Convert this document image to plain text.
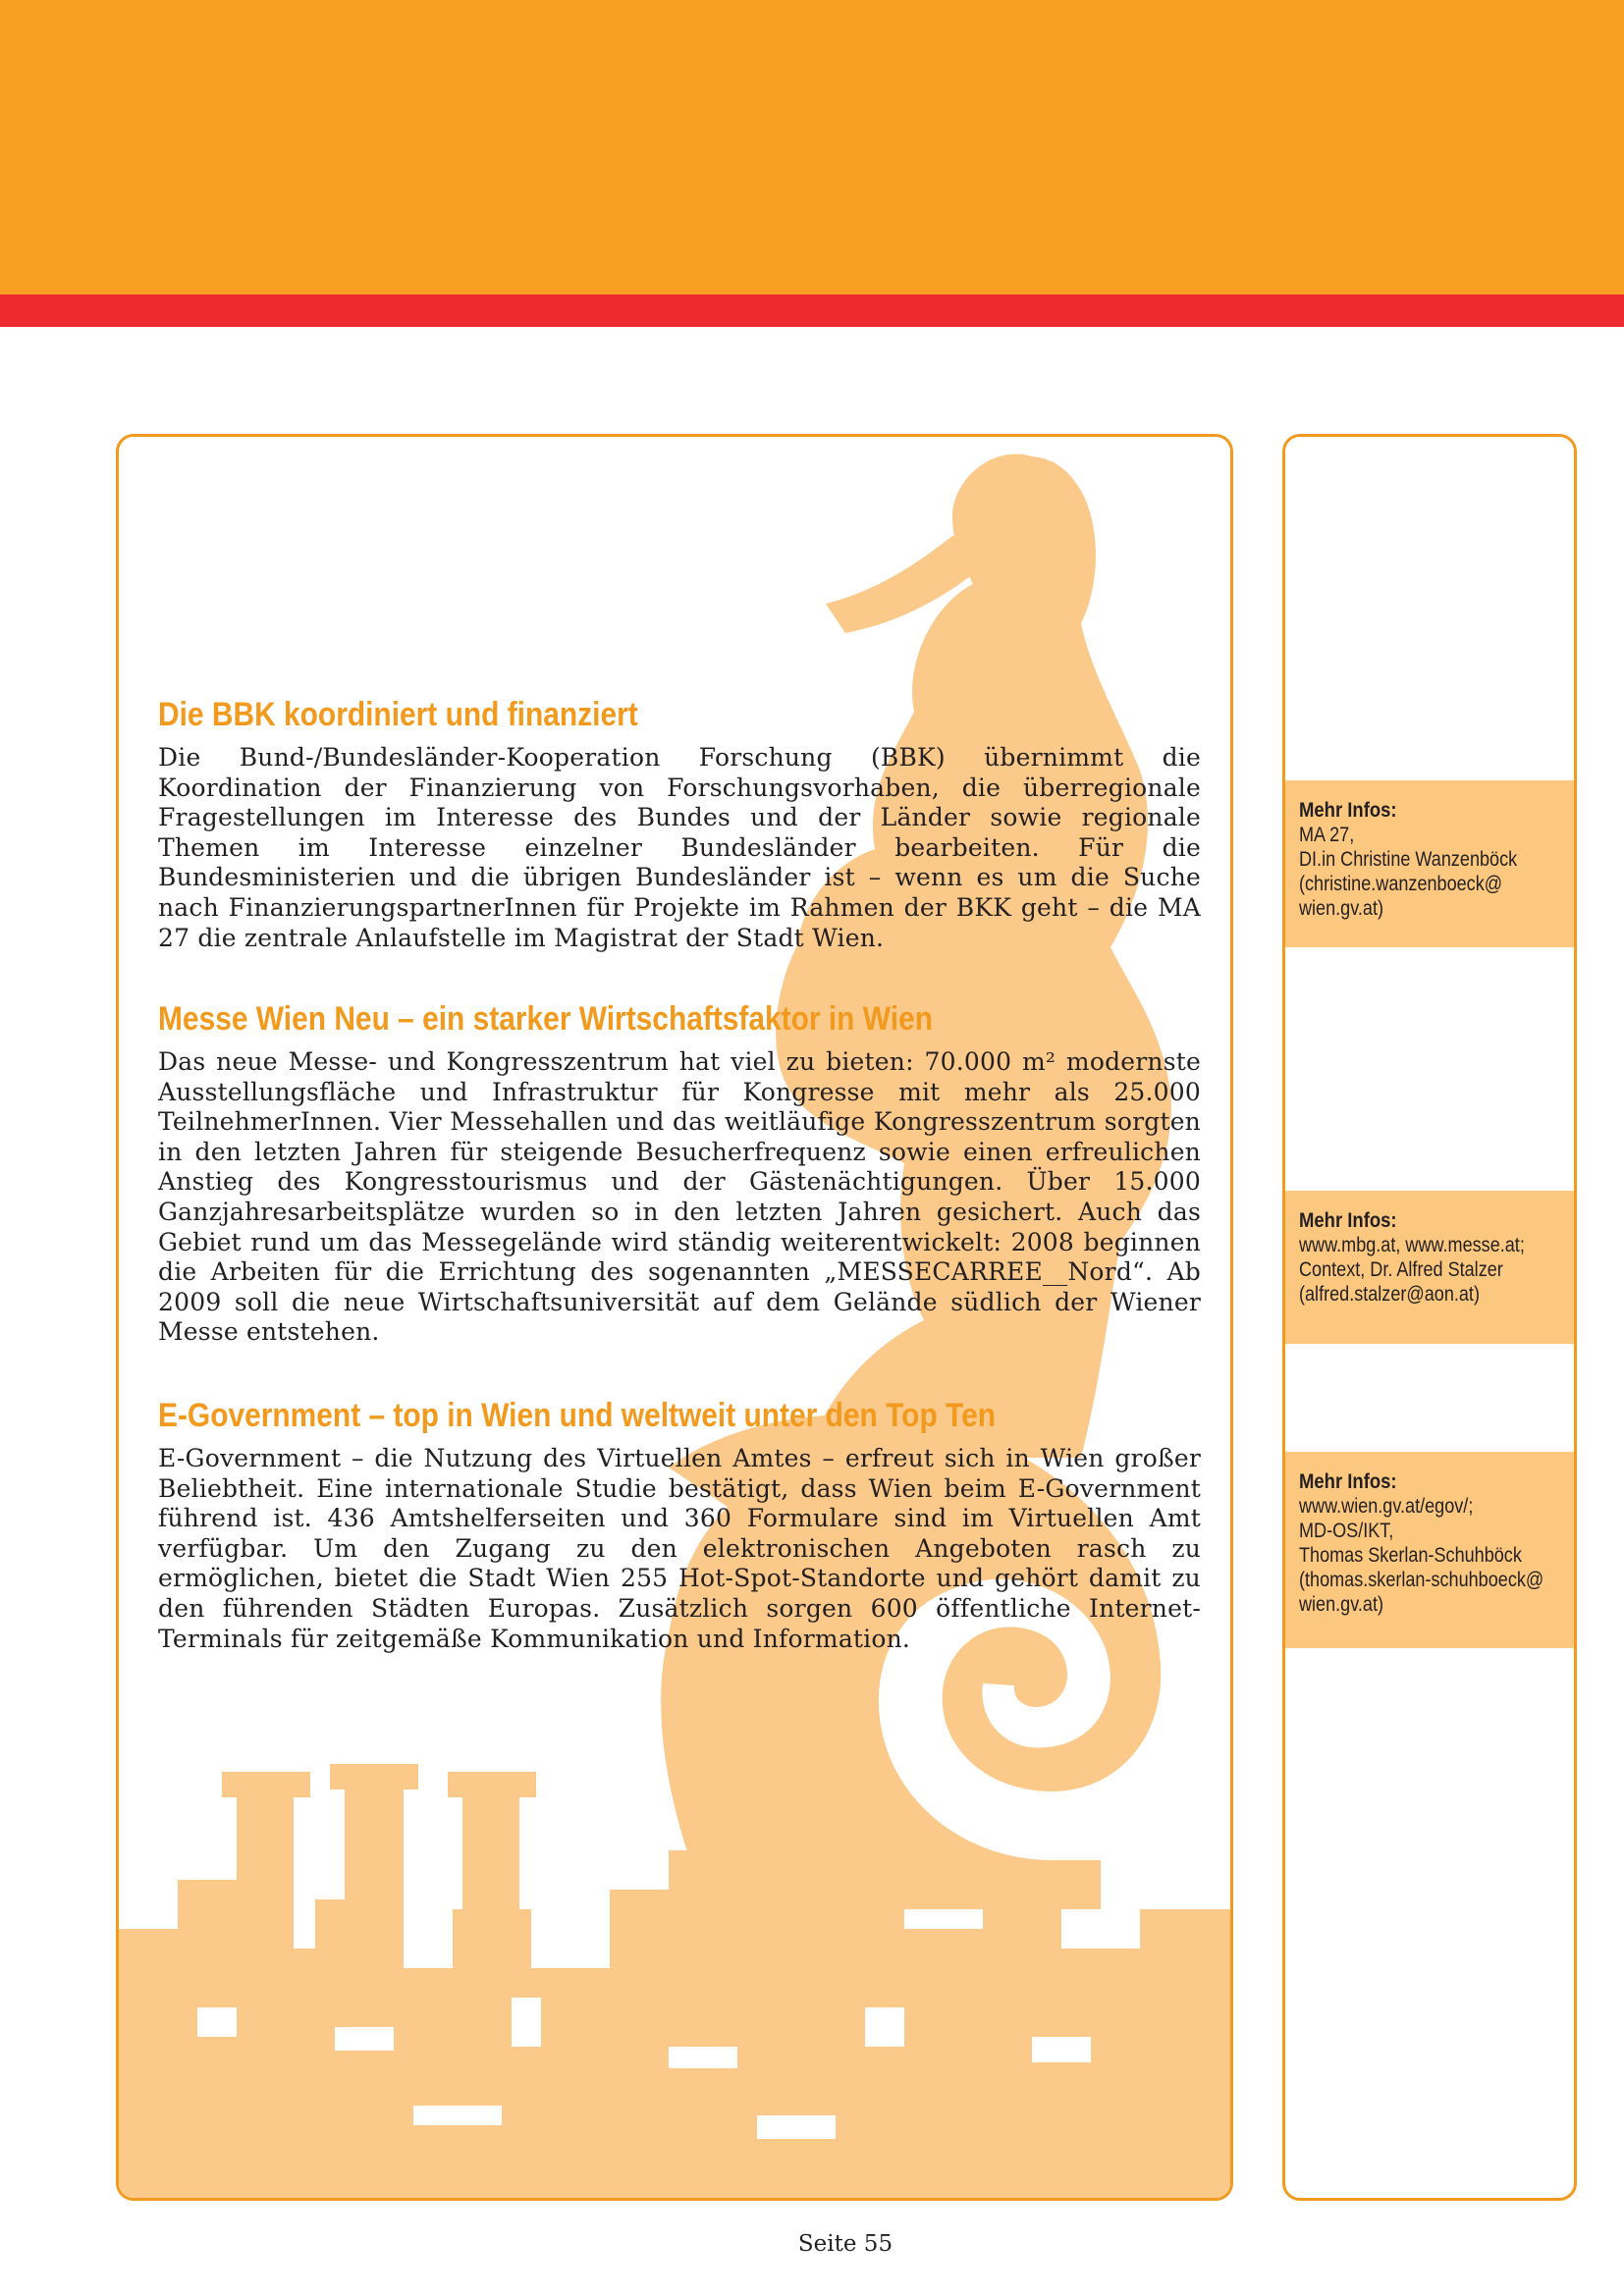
Die BBK koordiniert und finanziert

Die Bund-/Bundesländer-Kooperation Forschung (BBK) übernimmt die Koordination der Finanzierung von Forschungsvorhaben, die überregionale Fragestellungen im Interesse des Bundes und der Länder sowie regionale Themen im Interesse einzelner Bundesländer bearbeiten. Für die Bundesministerien und die übrigen Bundesländer ist – wenn es um die Suche nach FinanzierungspartnerInnen für Projekte im Rahmen der BKK geht – die MA 27 die zentrale Anlaufstelle im Magistrat der Stadt Wien.

Messe Wien Neu – ein starker Wirtschaftsfaktor in Wien

Das neue Messe- und Kongresszentrum hat viel zu bieten: 70.000 m² modernste Ausstellungsfläche und Infrastruktur für Kongresse mit mehr als 25.000 TeilnehmerInnen. Vier Messehallen und das weitläufige Kongresszentrum sorgten in den letzten Jahren für steigende Besucherfrequenz sowie einen erfreulichen Anstieg des Kongresstourismus und der Gästenächtigungen. Über 15.000 Ganzjahresarbeitsplätze wurden so in den letzten Jahren gesichert. Auch das Gebiet rund um das Messegelände wird ständig weiterentwickelt: 2008 beginnen die Arbeiten für die Errichtung des sogenannten „MESSECARREE__Nord“. Ab 2009 soll die neue Wirtschaftsuniversität auf dem Gelände südlich der Wiener Messe entstehen.

E-Government – top in Wien und weltweit unter den Top Ten

E-Government – die Nutzung des Virtuellen Amtes – erfreut sich in Wien großer Beliebtheit. Eine internationale Studie bestätigt, dass Wien beim E-Government führend ist. 436 Amtshelferseiten und 360 Formulare sind im Virtuellen Amt verfügbar. Um den Zugang zu den elektronischen Angeboten rasch zu ermöglichen, bietet die Stadt Wien 255 Hot-Spot-Standorte und gehört damit zu den führenden Städten Europas. Zusätzlich sorgen 600 öffentliche Internet-Terminals für zeitgemäße Kommunikation und Information.

Mehr Infos:
MA 27,
DI.in Christine Wanzenböck
(christine.wanzenboeck@
wien.gv.at)
Mehr Infos:
www.mbg.at, www.messe.at;
Context, Dr. Alfred Stalzer
(alfred.stalzer@aon.at)
Mehr Infos:
www.wien.gv.at/egov/;
MD-OS/IKT,
Thomas Skerlan-Schuhböck
(thomas.skerlan-schuhboeck@
wien.gv.at)
Seite 55
